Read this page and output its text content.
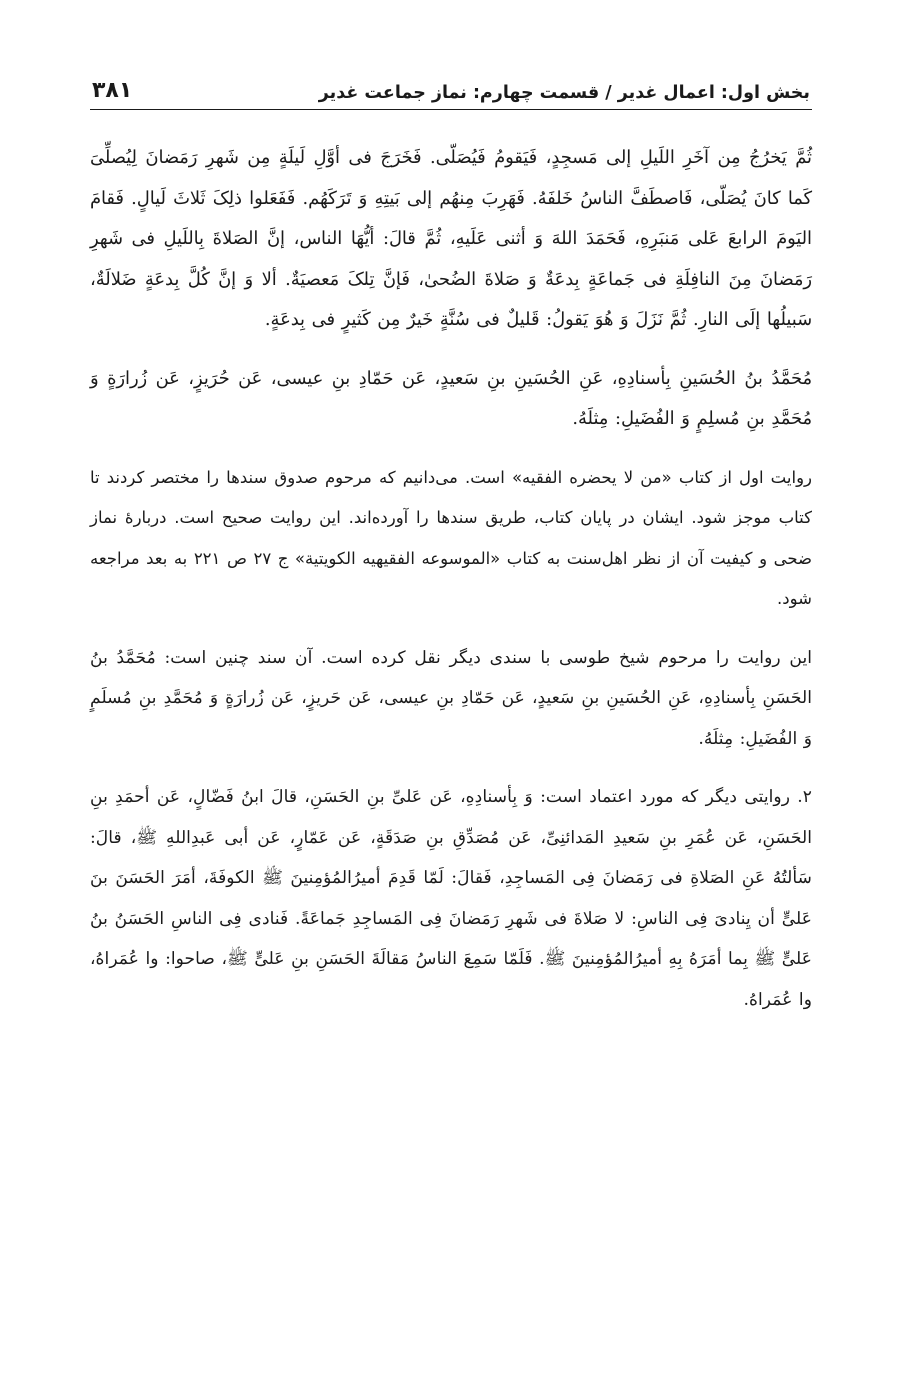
بخش اول: اعمال غدیر / قسمت چهارم: نماز جماعت غدیر
۳۸۱

ثُمَّ یَخرُجُ مِن آخَرِ اللَیلِ إلی مَسجِدٍ، فَیَقومُ فَیُصَلّی. فَخَرَجَ فی أوَّلِ لَیلَةٍ مِن شَهرِ رَمَضانَ لِیُصلِّیَ کَما کانَ یُصَلّی، فَاصطَفَّ الناسُ خَلفَهُ. فَهَرِبَ مِنهُم إلی بَیتِهِ وَ تَرَکَهُم. فَفَعَلوا ذلِکَ ثَلاثَ لَیالٍ. فَقامَ الیَومَ الرابعَ عَلی مَنبَرِهِ، فَحَمَدَ اللهَ وَ أثنی عَلَیهِ، ثُمَّ قالَ: أیُّهَا الناس، إنَّ الصَلاةَ بِاللَیلِ فی شَهرِ رَمَضانَ مِنَ النافِلَةِ فی جَماعَةٍ بِدعَةٌ وَ صَلاةَ الضُحیٰ، فَإنَّ تِلکَ مَعصیَةٌ. ألا وَ إنَّ کُلَّ بِدعَةٍ ضَلالَةٌ، سَبیلُها إلَی النارِ. ثُمَّ نَزَلَ وَ هُوَ یَقولُ: قَلیلٌ فی سُنَّةٍ خَیرٌ مِن کَثیرٍ فی بِدعَةٍ.

مُحَمَّدُ بنُ الحُسَینِ بِأسنادِهِ، عَنِ الحُسَینِ بنِ سَعیدٍ، عَن حَمّادِ بنِ عیسی، عَن حُرَیزٍ، عَن زُرارَةٍ وَ مُحَمَّدِ بنِ مُسلِمٍ وَ الفُضَیلِ: مِثلَهُ.

روایت اول از کتاب «من لا یحضره الفقیه» است. می‌دانیم که مرحوم صدوق سندها را مختصر کردند تا کتاب موجز شود. ایشان در پایان کتاب، طریق سندها را آورده‌اند. این روایت صحیح است. دربارهٔ نماز ضحی و کیفیت آن از نظر اهل‌سنت به کتاب «الموسوعه الفقیهیه الکویتیة» ج ۲۷ ص ۲۲۱ به بعد مراجعه شود.

این روایت را مرحوم شیخ طوسی با سندی دیگر نقل کرده است. آن سند چنین است: مُحَمَّدُ بنُ الحَسَنِ بِأسنادِهِ، عَنِ الحُسَینِ بنِ سَعیدٍ، عَن حَمّادِ بنِ عیسی، عَن حَریزٍ، عَن زُرارَةٍ وَ مُحَمَّدِ بنِ مُسلَمٍ وَ الفُضَیلِ: مِثلَهُ.

۲. روایتی دیگر که مورد اعتماد است: وَ بِأسنادِهِ، عَن عَلیِّ بنِ الحَسَنِ، قالَ ابنُ فَضّالٍ، عَن أحمَدِ بنِ الحَسَنِ، عَن عُمَرِ بنِ سَعیدِ المَدائنِیِّ، عَن مُصَدِّقِ بنِ صَدَقَةٍ، عَن عَمّارٍ، عَن أبی عَبدِاللهِ ﷺ، قالَ: سَألتُهُ عَنِ الصَلاةِ فی رَمَضانَ فِی المَساجِدِ، فَقالَ: لَمّا قَدِمَ أمیرُالمُؤمِنینَ ﷺ الکوفَةَ، أمَرَ الحَسَنَ بنَ عَلیٍّ أن یِنادیَ فِی الناسِ: لا صَلاةَ فی شَهرِ رَمَضانَ فِی المَساجِدِ جَماعَةً. فَنادی فِی الناسِ الحَسَنُ بنُ عَلیٍّ ﷺ بِما أمَرَهُ بِهِ أمیرُالمُؤمِنینَ ﷺ. فَلَمّا سَمِعَ الناسُ مَقالَةَ الحَسَنِ بنِ عَلیٍّ ﷺ، صاحوا: وا عُمَراهُ، وا عُمَراهُ.
